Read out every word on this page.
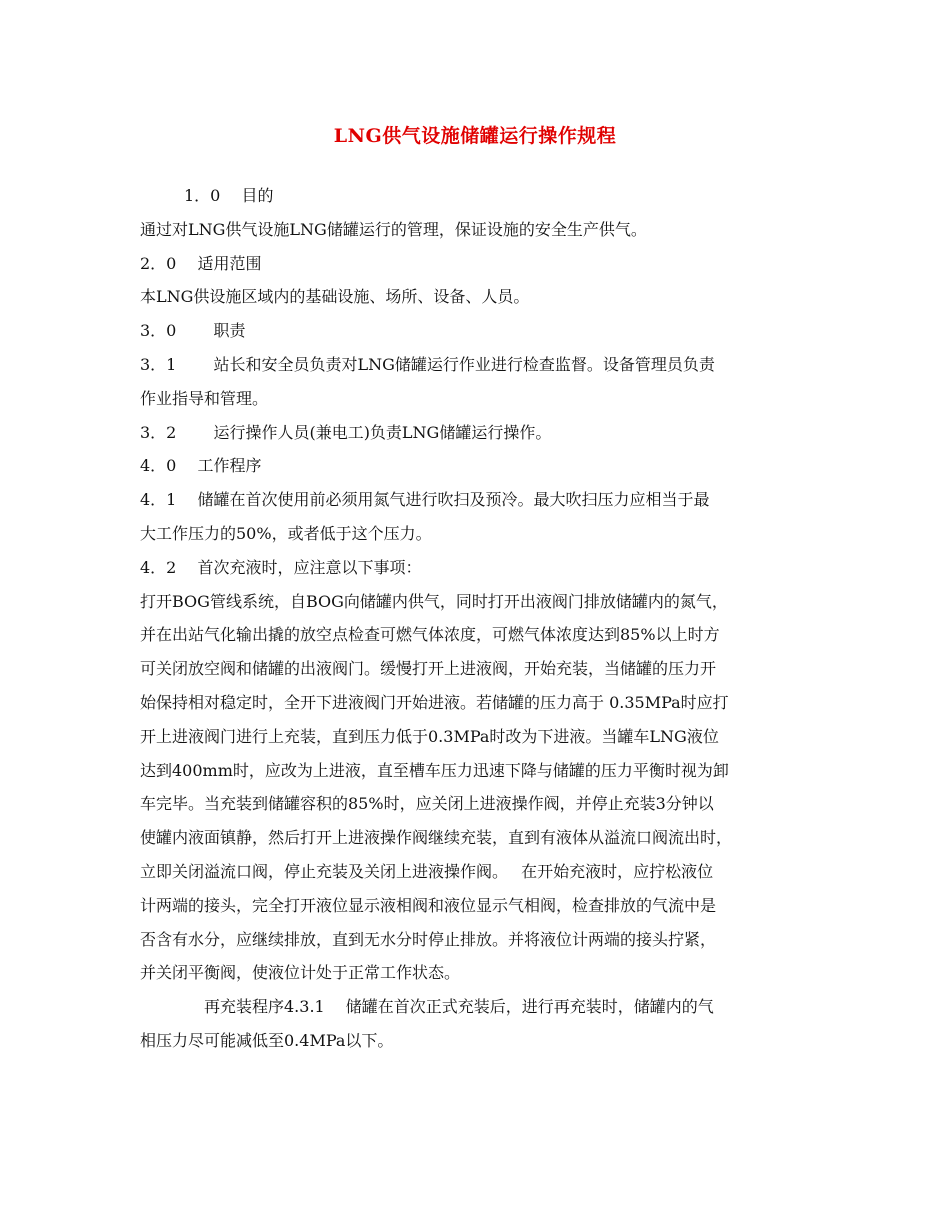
LNG供气设施储罐运行操作规程
1．0　 目的
通过对LNG供气设施LNG储罐运行的管理，保证设施的安全生产供气。
2．0　 适用范围
本LNG供设施区域内的基础设施、场所、设备、人员。
3．0　　 职责
3．1　　 站长和安全员负责对LNG储罐运行作业进行检查监督。设备管理员负责
作业指导和管理。
3．2　　 运行操作人员(兼电工)负责LNG储罐运行操作。
4．0　 工作程序
4．1　 储罐在首次使用前必须用氮气进行吹扫及预冷。最大吹扫压力应相当于最
大工作压力的50%，或者低于这个压力。
4．2　 首次充液时，应注意以下事项：
打开BOG管线系统，自BOG向储罐内供气，同时打开出液阀门排放储罐内的氮气，
并在出站气化输出撬的放空点检查可燃气体浓度，可燃气体浓度达到85%以上时方
可关闭放空阀和储罐的出液阀门。缓慢打开上进液阀，开始充装，当储罐的压力开
始保持相对稳定时，全开下进液阀门开始进液。若储罐的压力高于 0.35MPa时应打
开上进液阀门进行上充装，直到压力低于0.3MPa时改为下进液。当罐车LNG液位
达到400mm时，应改为上进液，直至槽车压力迅速下降与储罐的压力平衡时视为卸
车完毕。当充装到储罐容积的85%时，应关闭上进液操作阀，并停止充装3分钟以
使罐内液面镇静，然后打开上进液操作阀继续充装，直到有液体从溢流口阀流出时，
立即关闭溢流口阀，停止充装及关闭上进液操作阀。　 在开始充液时，应拧松液位
计两端的接头，完全打开液位显示液相阀和液位显示气相阀，检查排放的气流中是
否含有水分，应继续排放，直到无水分时停止排放。并将液位计两端的接头拧紧，
并关闭平衡阀，使液位计处于正常工作状态。
再充装程序4.3.1　 储罐在首次正式充装后，进行再充装时，储罐内的气
相压力尽可能减低至0.4MPa以下。
